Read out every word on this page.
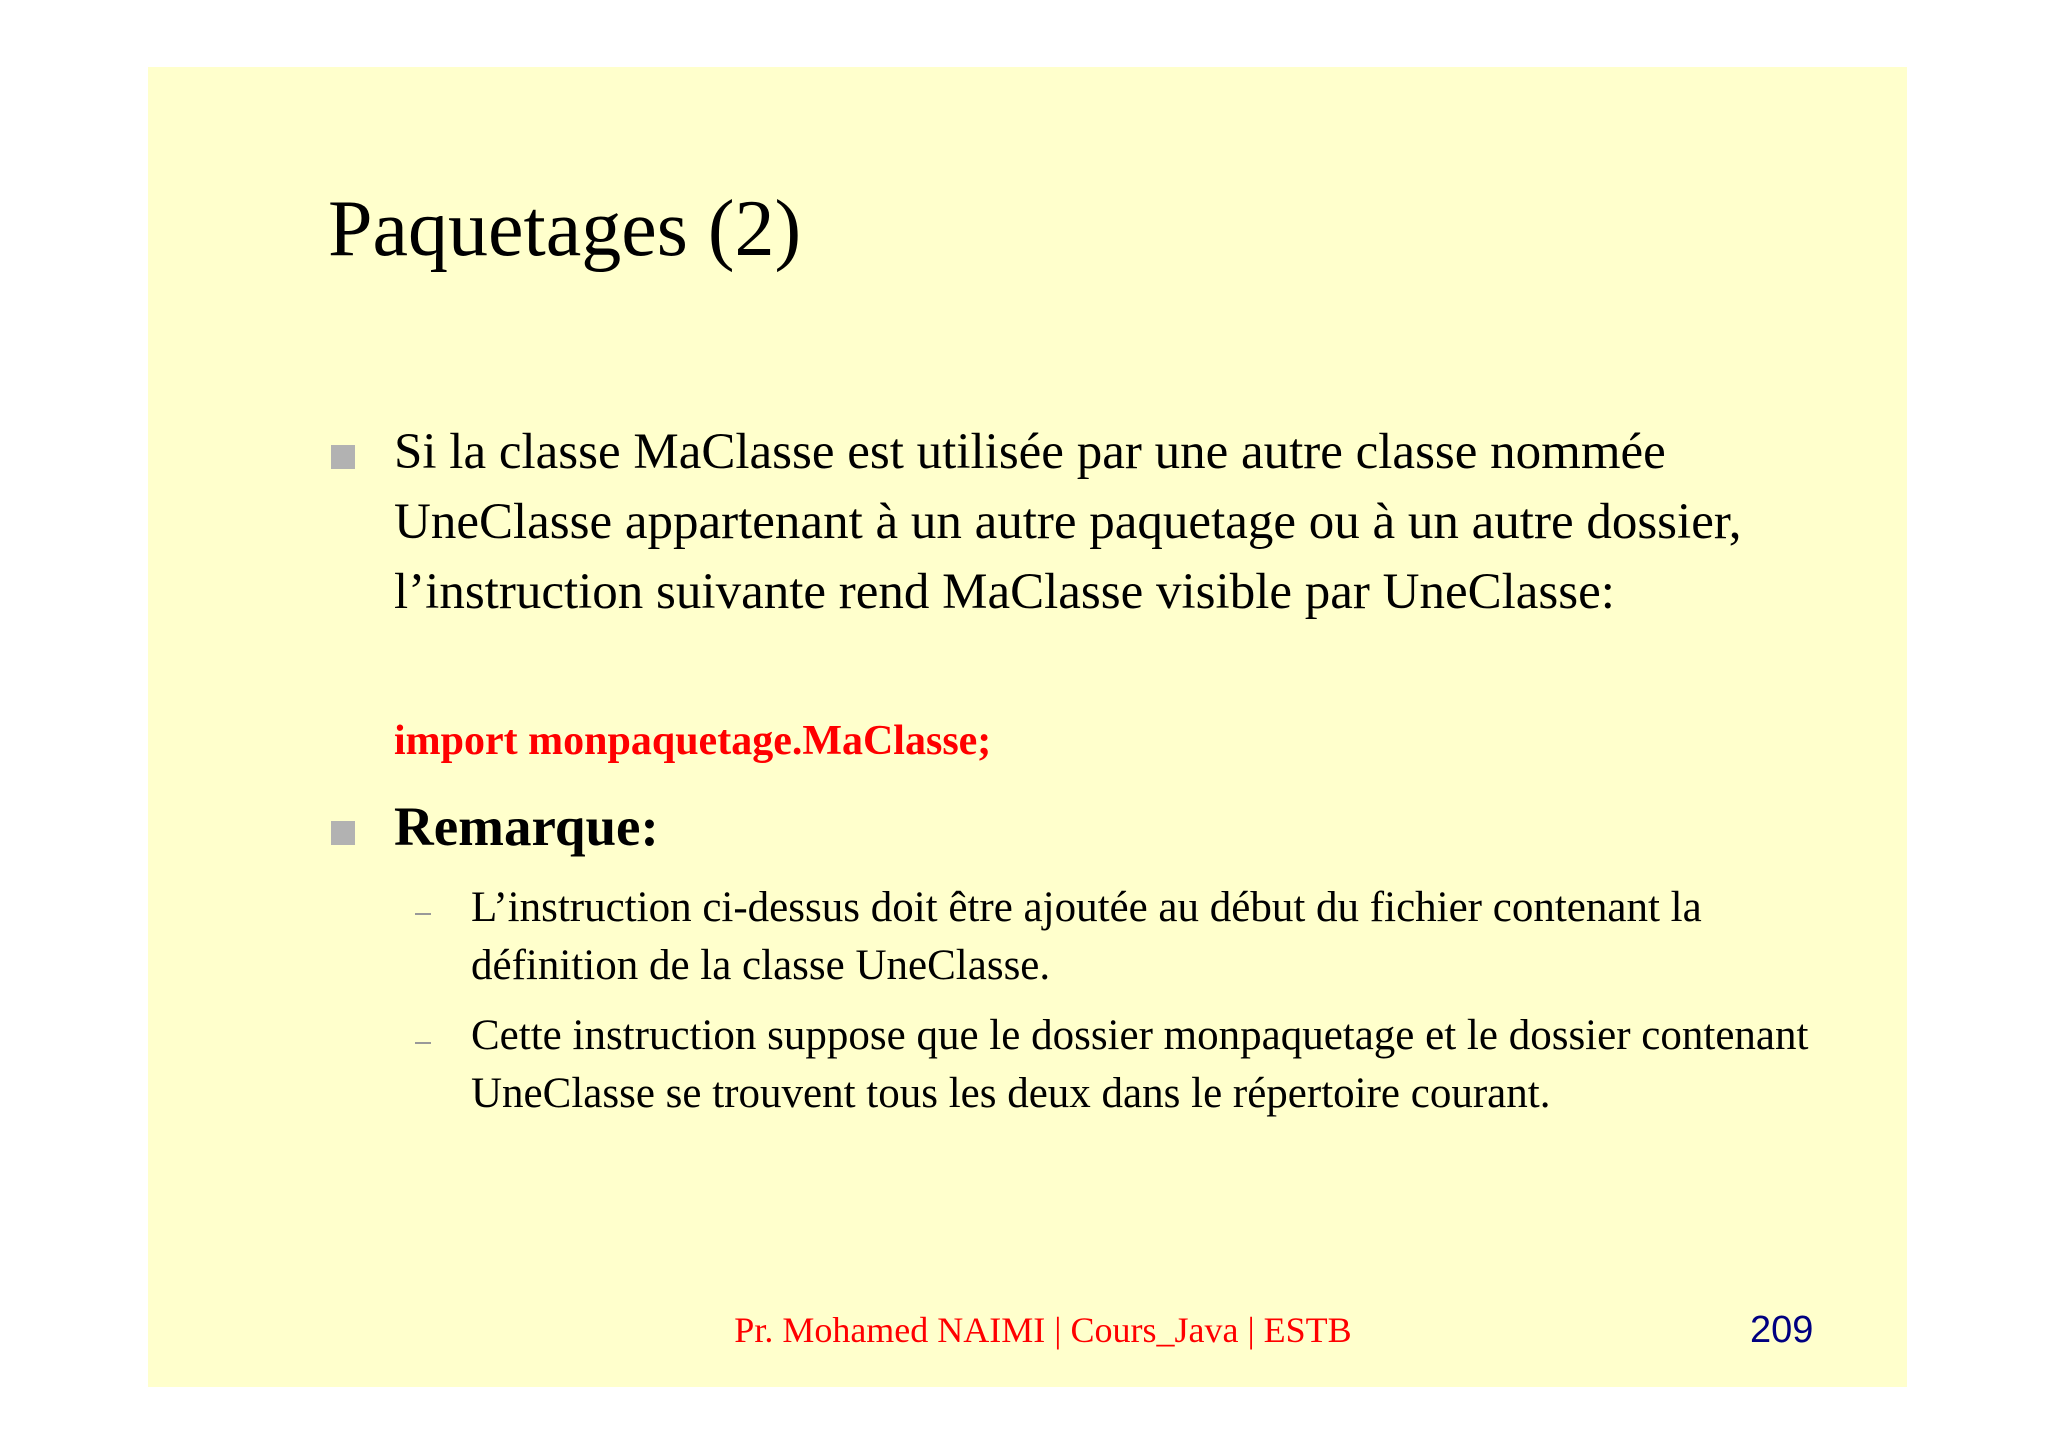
Paquetages (2)
Si la classe MaClasse est utilisée par une autre classe nommée UneClasse appartenant à un autre paquetage ou à un autre dossier, l’instruction suivante rend MaClasse visible par UneClasse:
import monpaquetage.MaClasse;
Remarque:
L’instruction ci-dessus doit être ajoutée au début du fichier contenant la définition de la classe UneClasse.
Cette instruction suppose que le dossier monpaquetage et le dossier contenant UneClasse se trouvent tous les deux dans le répertoire courant.
Pr. Mohamed NAIMI | Cours_Java | ESTB	209
